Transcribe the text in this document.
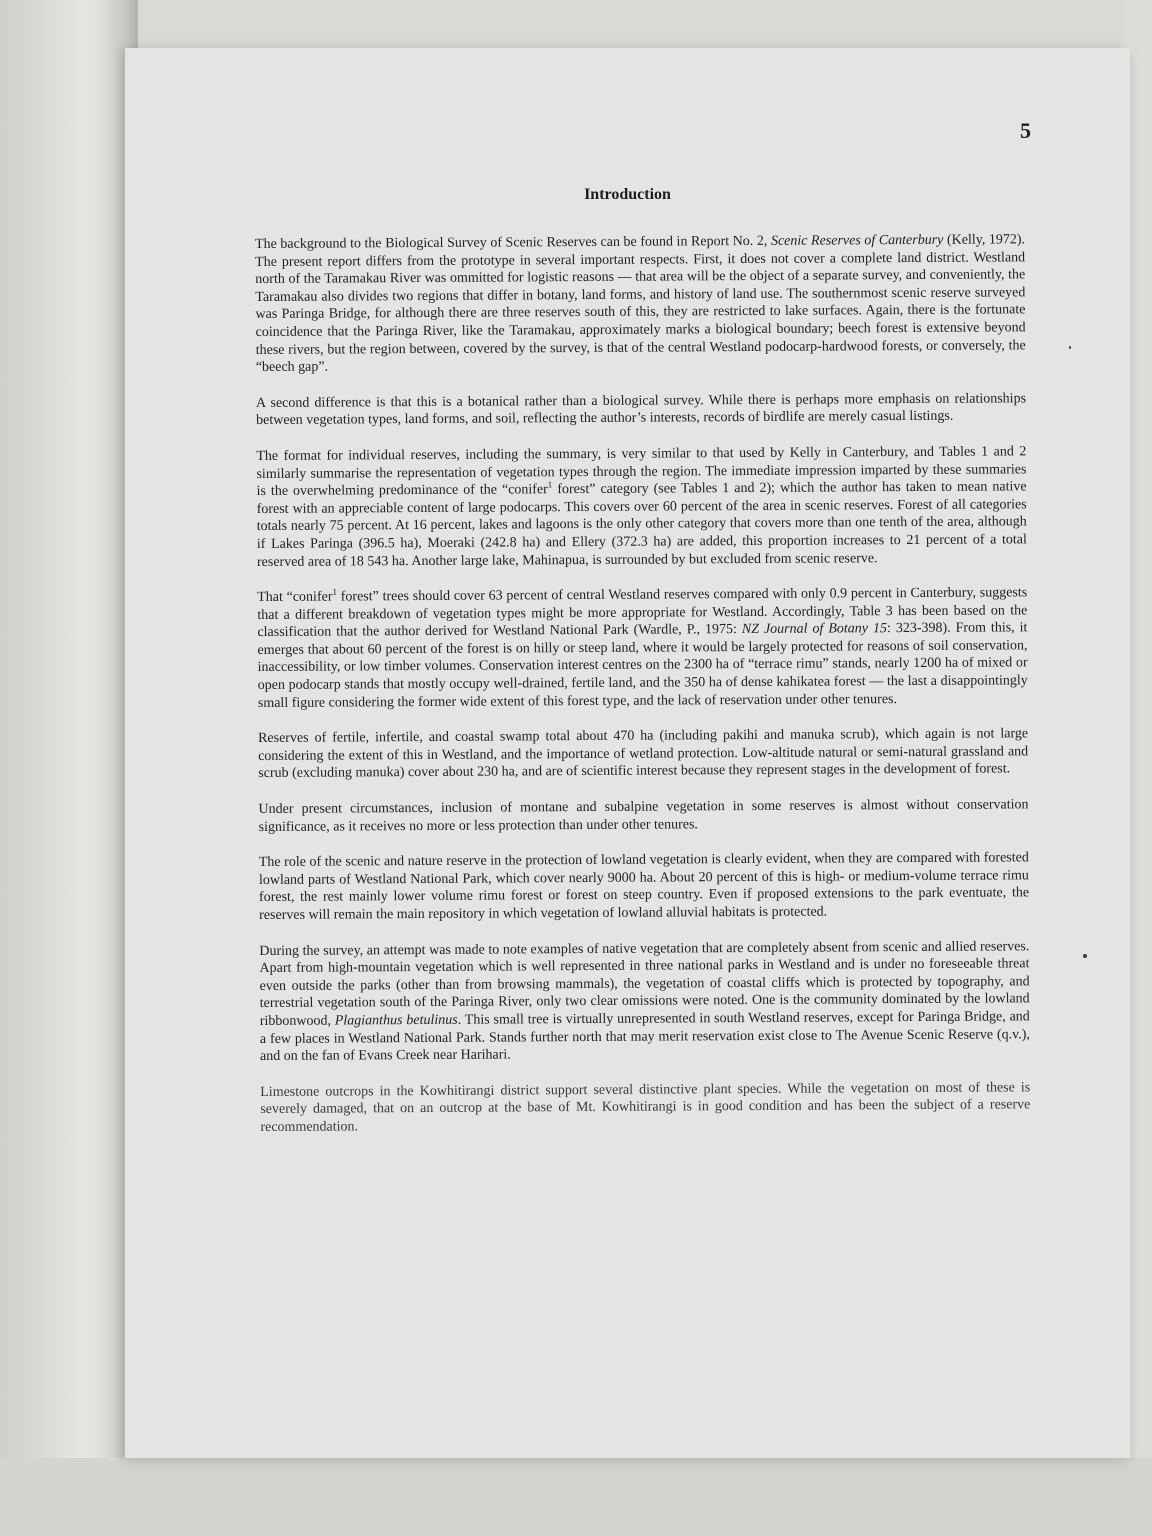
5
Introduction

The background to the Biological Survey of Scenic Reserves can be found in Report No. 2, Scenic Reserves of Canterbury (Kelly, 1972). The present report differs from the prototype in several important respects. First, it does not cover a complete land district. Westland north of the Taramakau River was ommitted for logistic reasons — that area will be the object of a separate survey, and conveniently, the Taramakau also divides two regions that differ in botany, land forms, and history of land use. The southernmost scenic reserve surveyed was Paringa Bridge, for although there are three reserves south of this, they are restricted to lake surfaces. Again, there is the fortunate coincidence that the Paringa River, like the Taramakau, approximately marks a biological boundary; beech forest is extensive beyond these rivers, but the region between, covered by the survey, is that of the central Westland podocarp-hardwood forests, or conversely, the “beech gap”.

A second difference is that this is a botanical rather than a biological survey. While there is perhaps more emphasis on relationships between vegetation types, land forms, and soil, reflecting the author’s interests, records of birdlife are merely casual listings.

The format for individual reserves, including the summary, is very similar to that used by Kelly in Canterbury, and Tables 1 and 2 similarly summarise the representation of vegetation types through the region. The immediate impression imparted by these summaries is the overwhelming predominance of the “conifer$^1$ forest” category (see Tables 1 and 2); which the author has taken to mean native forest with an appreciable content of large podocarps. This covers over 60 percent of the area in scenic reserves. Forest of all categories totals nearly 75 percent. At 16 percent, lakes and lagoons is the only other category that covers more than one tenth of the area, although if Lakes Paringa (396.5 ha), Moeraki (242.8 ha) and Ellery (372.3 ha) are added, this proportion increases to 21 percent of a total reserved area of 18 543 ha. Another large lake, Mahinapua, is surrounded by but excluded from scenic reserve.

That “conifer$^1$ forest” trees should cover 63 percent of central Westland reserves compared with only 0.9 percent in Canterbury, suggests that a different breakdown of vegetation types might be more appropriate for Westland. Accordingly, Table 3 has been based on the classification that the author derived for Westland National Park (Wardle, P., 1975: NZ Journal of Botany 15: 323-398). From this, it emerges that about 60 percent of the forest is on hilly or steep land, where it would be largely protected for reasons of soil conservation, inaccessibility, or low timber volumes. Conservation interest centres on the 2300 ha of “terrace rimu” stands, nearly 1200 ha of mixed or open podocarp stands that mostly occupy well-drained, fertile land, and the 350 ha of dense kahikatea forest — the last a disappointingly small figure considering the former wide extent of this forest type, and the lack of reservation under other tenures.

Reserves of fertile, infertile, and coastal swamp total about 470 ha (including pakihi and manuka scrub), which again is not large considering the extent of this in Westland, and the importance of wetland protection. Low-altitude natural or semi-natural grassland and scrub (excluding manuka) cover about 230 ha, and are of scientific interest because they represent stages in the development of forest.

Under present circumstances, inclusion of montane and subalpine vegetation in some reserves is almost without conservation significance, as it receives no more or less protection than under other tenures.

The role of the scenic and nature reserve in the protection of lowland vegetation is clearly evident, when they are compared with forested lowland parts of Westland National Park, which cover nearly 9000 ha. About 20 percent of this is high- or medium-volume terrace rimu forest, the rest mainly lower volume rimu forest or forest on steep country. Even if proposed extensions to the park eventuate, the reserves will remain the main repository in which vegetation of lowland alluvial habitats is protected.

During the survey, an attempt was made to note examples of native vegetation that are completely absent from scenic and allied reserves. Apart from high-mountain vegetation which is well represented in three national parks in Westland and is under no foreseeable threat even outside the parks (other than from browsing mammals), the vegetation of coastal cliffs which is protected by topography, and terrestrial vegetation south of the Paringa River, only two clear omissions were noted. One is the community dominated by the lowland ribbonwood, Plagianthus betulinus. This small tree is virtually unrepresented in south Westland reserves, except for Paringa Bridge, and a few places in Westland National Park. Stands further north that may merit reservation exist close to The Avenue Scenic Reserve (q.v.), and on the fan of Evans Creek near Harihari.

Limestone outcrops in the Kowhitirangi district support several distinctive plant species. While the vegetation on most of these is severely damaged, that on an outcrop at the base of Mt. Kowhitirangi is in good condition and has been the subject of a reserve recommendation.
